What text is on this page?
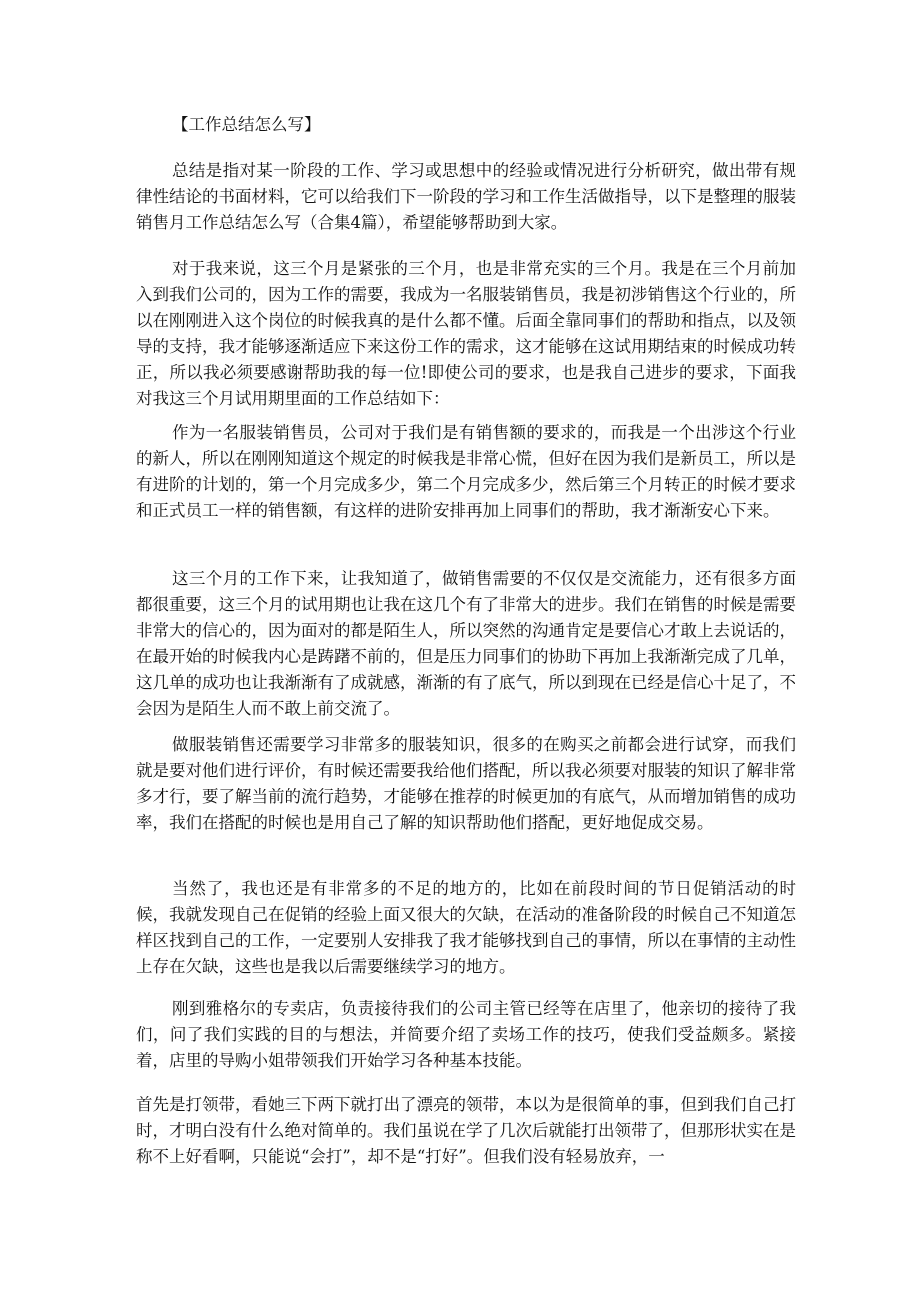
【工作总结怎么写】

总结是指对某一阶段的工作、学习或思想中的经验或情况进行分析研究，做出带有规律性结论的书面材料，它可以给我们下一阶段的学习和工作生活做指导，以下是整理的服装销售月工作总结怎么写（合集4篇），希望能够帮助到大家。

对于我来说，这三个月是紧张的三个月，也是非常充实的三个月。我是在三个月前加入到我们公司的，因为工作的需要，我成为一名服装销售员，我是初涉销售这个行业的，所以在刚刚进入这个岗位的时候我真的是什么都不懂。后面全靠同事们的帮助和指点，以及领导的支持，我才能够逐渐适应下来这份工作的需求，这才能够在这试用期结束的时候成功转正，所以我必须要感谢帮助我的每一位!即使公司的要求，也是我自己进步的要求，下面我对我这三个月试用期里面的工作总结如下：

作为一名服装销售员，公司对于我们是有销售额的要求的，而我是一个出涉这个行业的新人，所以在刚刚知道这个规定的时候我是非常心慌，但好在因为我们是新员工，所以是有进阶的计划的，第一个月完成多少，第二个月完成多少，然后第三个月转正的时候才要求和正式员工一样的销售额，有这样的进阶安排再加上同事们的帮助，我才渐渐安心下来。

这三个月的工作下来，让我知道了，做销售需要的不仅仅是交流能力，还有很多方面都很重要，这三个月的试用期也让我在这几个有了非常大的进步。我们在销售的时候是需要非常大的信心的，因为面对的都是陌生人，所以突然的沟通肯定是要信心才敢上去说话的，在最开始的时候我内心是踌躇不前的，但是压力同事们的协助下再加上我渐渐完成了几单，这几单的成功也让我渐渐有了成就感，渐渐的有了底气，所以到现在已经是信心十足了，不会因为是陌生人而不敢上前交流了。

做服装销售还需要学习非常多的服装知识，很多的在购买之前都会进行试穿，而我们就是要对他们进行评价，有时候还需要我给他们搭配，所以我必须要对服装的知识了解非常多才行，要了解当前的流行趋势，才能够在推荐的时候更加的有底气，从而增加销售的成功率，我们在搭配的时候也是用自己了解的知识帮助他们搭配，更好地促成交易。

当然了，我也还是有非常多的不足的地方的，比如在前段时间的节日促销活动的时候，我就发现自己在促销的经验上面又很大的欠缺，在活动的准备阶段的时候自己不知道怎样区找到自己的工作，一定要别人安排我了我才能够找到自己的事情，所以在事情的主动性上存在欠缺，这些也是我以后需要继续学习的地方。

刚到雅格尔的专卖店，负责接待我们的公司主管已经等在店里了，他亲切的接待了我们，问了我们实践的目的与想法，并简要介绍了卖场工作的技巧，使我们受益颇多。紧接着，店里的导购小姐带领我们开始学习各种基本技能。

首先是打领带，看她三下两下就打出了漂亮的领带，本以为是很简单的事，但到我们自己打时，才明白没有什么绝对简单的。我们虽说在学了几次后就能打出领带了，但那形状实在是称不上好看啊，只能说“会打”，却不是“打好”。但我们没有轻易放弃，一
